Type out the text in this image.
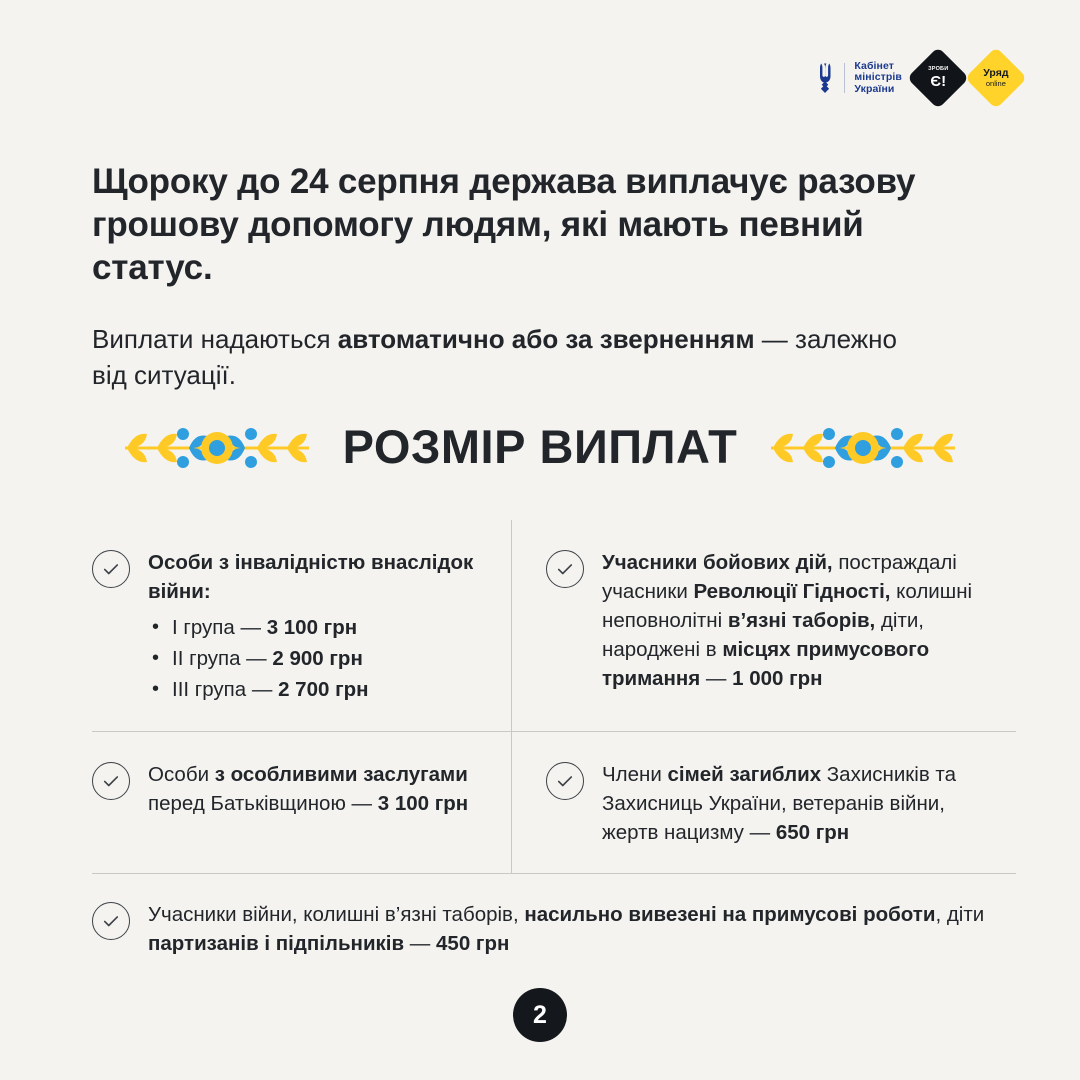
Кабінет
міністрів
України
ЗРОБИ
Є!	Уряд
online
Щороку до 24 серпня держава виплачує разову грошову допомогу людям, які мають певний статус.

Виплати надаються автоматично або за зверненням — залежно від ситуації.

РОЗМІР ВИПЛАТ
Особи з інвалідністю внаслідок війни:
• I група — 3 100 грн
• II група — 2 900 грн
• III група — 2 700 грн
Учасники бойових дій, постраждалі учасники Революції Гідності, колишні неповнолітні в’язні таборів, діти, народжені в місцях примусового тримання — 1 000 грн
Особи з особливими заслугами перед Батьківщиною — 3 100 грн
Члени сімей загиблих Захисників та Захисниць України, ветеранів війни, жертв нацизму — 650 грн
Учасники війни, колишні в’язні таборів, насильно вивезені на примусові роботи, діти партизанів і підпільників — 450 грн
2
